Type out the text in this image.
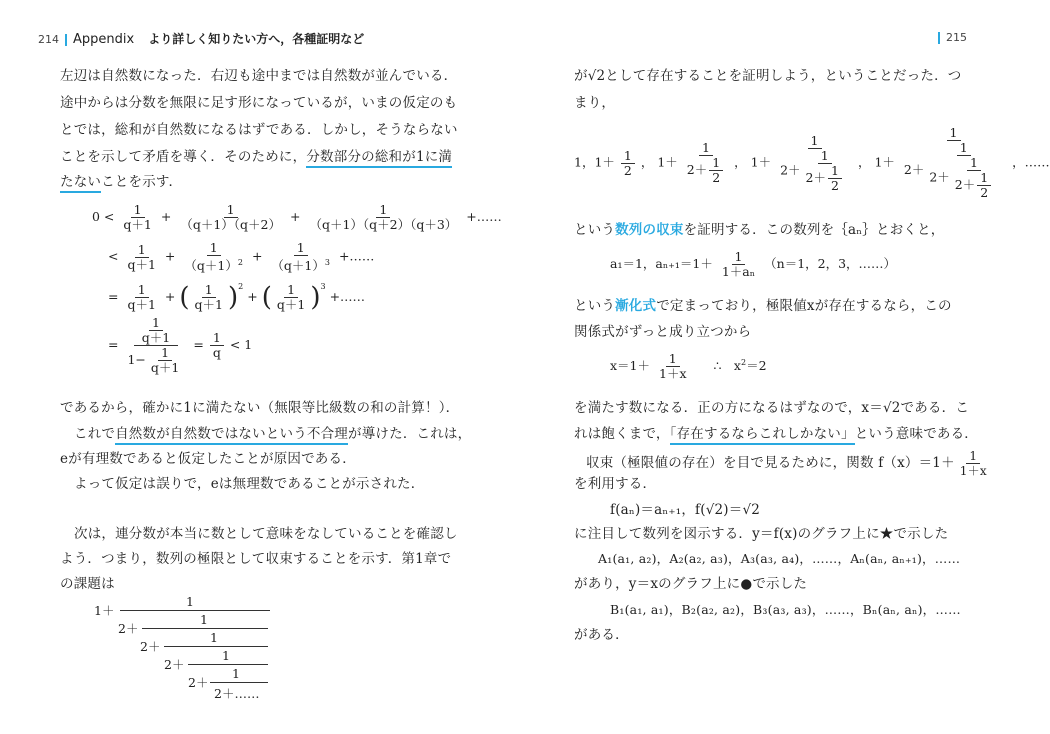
214 Appendix より詳しく知りたい方へ，各種証明など
左辺は自然数になった．右辺も途中までは自然数が並んでいる．
途中からは分数を無限に足す形になっているが，いまの仮定のも
とでは，総和が自然数になるはずである．しかし，そうならない
ことを示して矛盾を導く．そのために，分数部分の総和が1に満
たないことを示す．
$0 < \frac{1}{q+1} + \frac{1}{(q+1)(q+2)} + \frac{1}{(q+1)(q+2)(q+3)}$ +……
< $\frac{1}{q+1} + \frac{1}{(q+1)^2} + \frac{1}{(q+1)^3}$ +……
= $\frac{1}{q+1}$ + ( $\frac{1}{q+1} )^2$ + ( $\frac{1}{q+1} )^3$ +……
= $\frac{\frac{1}{q+1}}{1- \frac{1}{q+1}} = \frac{1}{q} < 1$
であるから，確かに1に満たない（無限等比級数の和の計算！）．
これで自然数が自然数ではないという不合理が導けた．これは，
eが有理数であると仮定したことが原因である．
よって仮定は誤りで，eは無理数であることが示された．
次は，連分数が本当に数として意味をなしていることを確認し
よう．つまり，数列の極限として収束することを示す．第1章で
の課題は
1
1＋
1
2＋
1
2＋
1
2＋
1
2＋
2＋……
215
が√2として存在することを証明しよう，ということだった．つ
まり，
1，$1+ \frac{1}{2}$ ， $1+ \frac{1}{2+ \frac{1}{2}}$ ， $1+ \frac{1}{2+ \frac{1}{2+ \frac{1}{2}}}$ ， $1+ \frac{1}{2+ \frac{1}{2+ \frac{1}{2+ \frac{1}{2}}}}$ ，……
という数列の収束を証明する．この数列を｛aₙ｝とおくと，
a₁＝1，$a_{n+1}=1+ \frac{1}{\text{1＋aₙ}} (n=1$，2，3，……）
という漸化式で定まっており，極限値xが存在するなら，この
関係式がずっと成り立つから
$x=1+ \frac{1}{1+x}$ ∴　$x^2=2$
を満たす数になる．正の方になるはずなので，x＝√2である．こ
れは飽くまで，「存在するならこれしかない」という意味である．
収束（極限値の存在）を目で見るために，関数 $f(x)=1+ \frac{1}{1+x}$
を利用する．
f(aₙ)＝aₙ₊₁，f(√2)＝√2
に注目して数列を図示する．y＝f(x)のグラフ上に★で示した
A₁(a₁, a₂)，A₂(a₂, a₃)，A₃(a₃, a₄)，……，Aₙ(aₙ, aₙ₊₁)，……
があり，y＝xのグラフ上に●で示した
B₁(a₁, a₁)，B₂(a₂, a₂)，B₃(a₃, a₃)，……，Bₙ(aₙ, aₙ)，……
がある．
